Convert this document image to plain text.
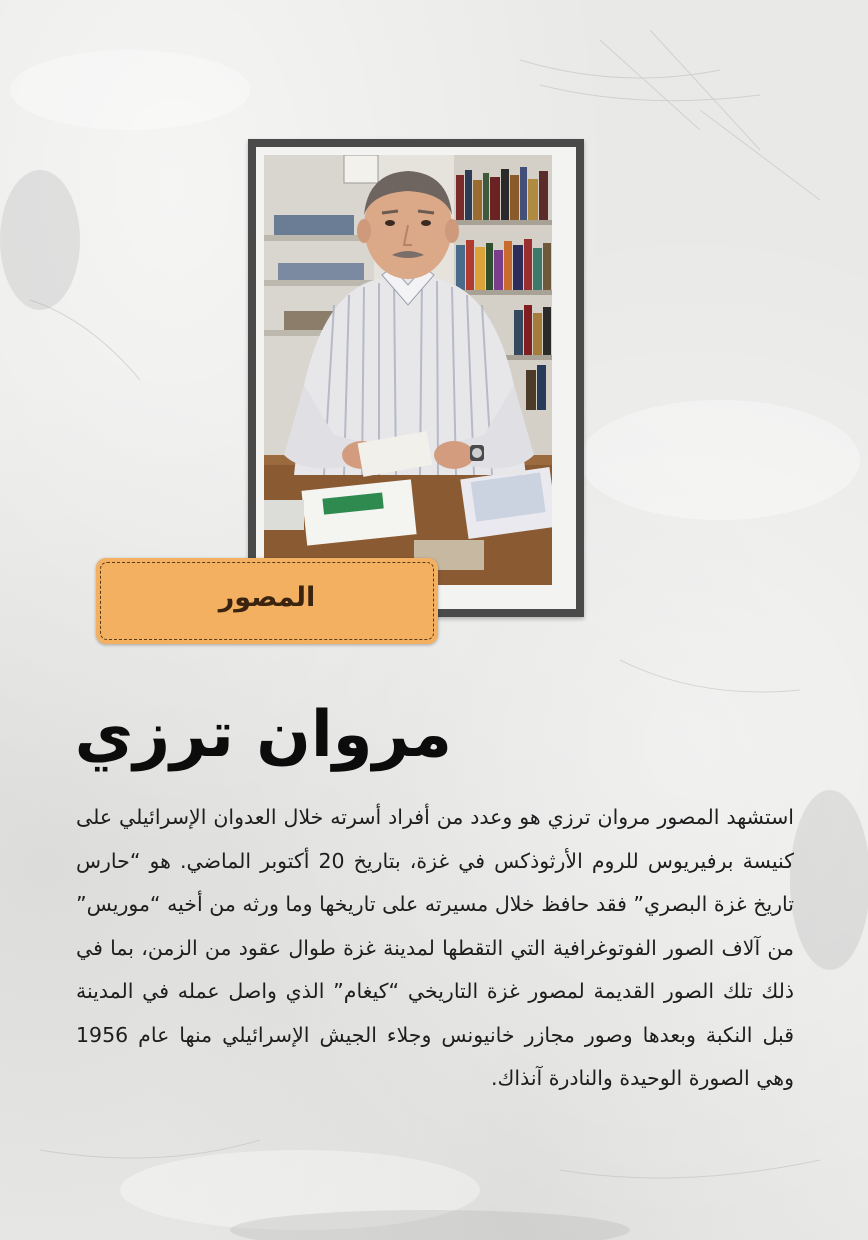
المصور
مروان ترزي
استشهد المصور مروان ترزي هو وعدد من أفراد أسرته خلال العدوان الإسرائيلي على كنيسة برفيريوس للروم الأرثوذكس في غزة، بتاريخ 20 أكتوبر الماضي. هو “حارس تاريخ غزة البصري” فقد حافظ خلال مسيرته على تاريخها وما ورثه من أخيه “موريس” من آلاف الصور الفوتوغرافية التي التقطها لمدينة غزة طوال عقود من الزمن، بما في ذلك تلك الصور القديمة لمصور غزة التاريخي “كيغام” الذي واصل عمله في المدينة قبل النكبة وبعدها وصور مجازر خانيونس وجلاء الجيش الإسرائيلي منها عام 1956 وهي الصورة الوحيدة والنادرة آنذاك.
